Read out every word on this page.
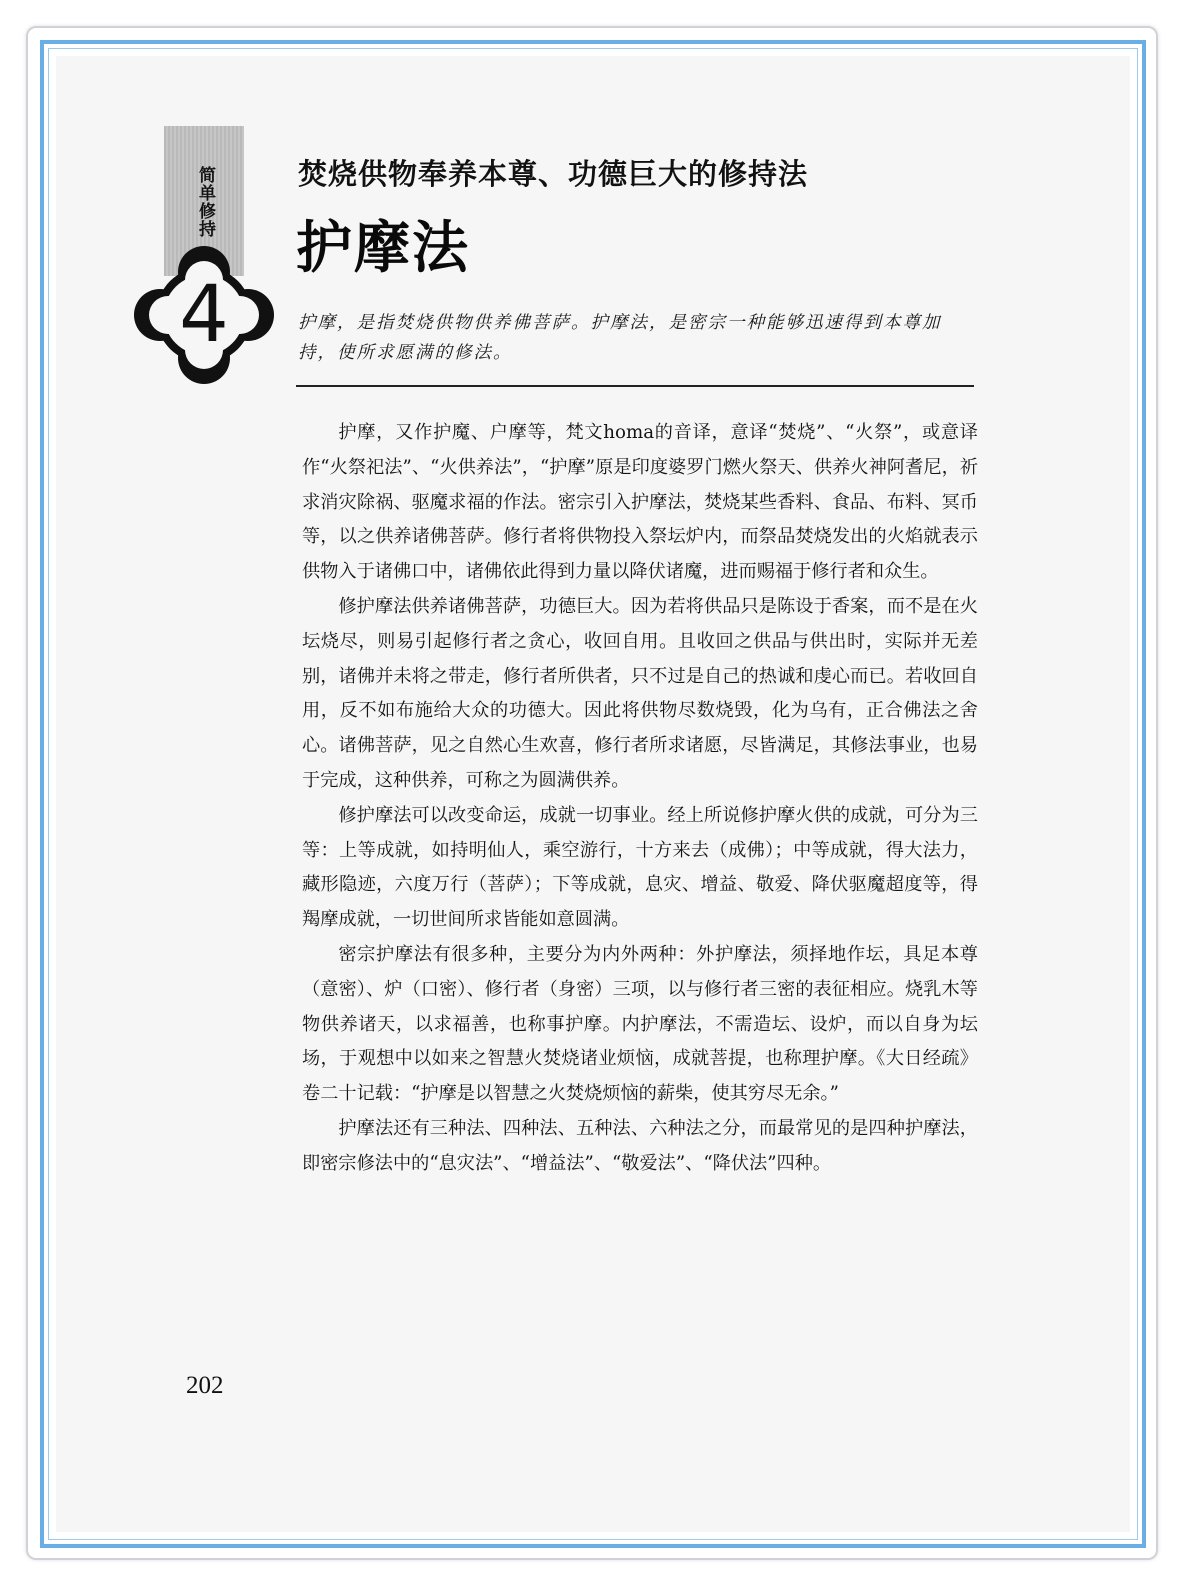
简单修持
4
焚烧供物奉养本尊、功德巨大的修持法
护摩法

护摩，是指焚烧供物供养佛菩萨。护摩法，是密宗一种能够迅速得到本尊加持，使所求愿满的修法。

护摩，又作护魔、户摩等，梵文homa的音译，意译“焚烧”、“火祭”，或意译作“火祭祀法”、“火供养法”，“护摩”原是印度婆罗门燃火祭天、供养火神阿耆尼，祈求消灾除祸、驱魔求福的作法。密宗引入护摩法，焚烧某些香料、食品、布料、冥币等，以之供养诸佛菩萨。修行者将供物投入祭坛炉内，而祭品焚烧发出的火焰就表示供物入于诸佛口中，诸佛依此得到力量以降伏诸魔，进而赐福于修行者和众生。

修护摩法供养诸佛菩萨，功德巨大。因为若将供品只是陈设于香案，而不是在火坛烧尽，则易引起修行者之贪心，收回自用。且收回之供品与供出时，实际并无差别，诸佛并未将之带走，修行者所供者，只不过是自己的热诚和虔心而已。若收回自用，反不如布施给大众的功德大。因此将供物尽数烧毁，化为乌有，正合佛法之舍心。诸佛菩萨，见之自然心生欢喜，修行者所求诸愿，尽皆满足，其修法事业，也易于完成，这种供养，可称之为圆满供养。

修护摩法可以改变命运，成就一切事业。经上所说修护摩火供的成就，可分为三等：上等成就，如持明仙人，乘空游行，十方来去（成佛）；中等成就，得大法力，藏形隐迹，六度万行（菩萨）；下等成就，息灾、增益、敬爱、降伏驱魔超度等，得羯摩成就，一切世间所求皆能如意圆满。

密宗护摩法有很多种，主要分为内外两种：外护摩法，须择地作坛，具足本尊（意密）、炉（口密）、修行者（身密）三项，以与修行者三密的表征相应。烧乳木等物供养诸天，以求福善，也称事护摩。内护摩法，不需造坛、设炉，而以自身为坛场，于观想中以如来之智慧火焚烧诸业烦恼，成就菩提，也称理护摩。《大日经疏》卷二十记载：“护摩是以智慧之火焚烧烦恼的薪柴，使其穷尽无余。”

护摩法还有三种法、四种法、五种法、六种法之分，而最常见的是四种护摩法，即密宗修法中的“息灾法”、“增益法”、“敬爱法”、“降伏法”四种。

202
